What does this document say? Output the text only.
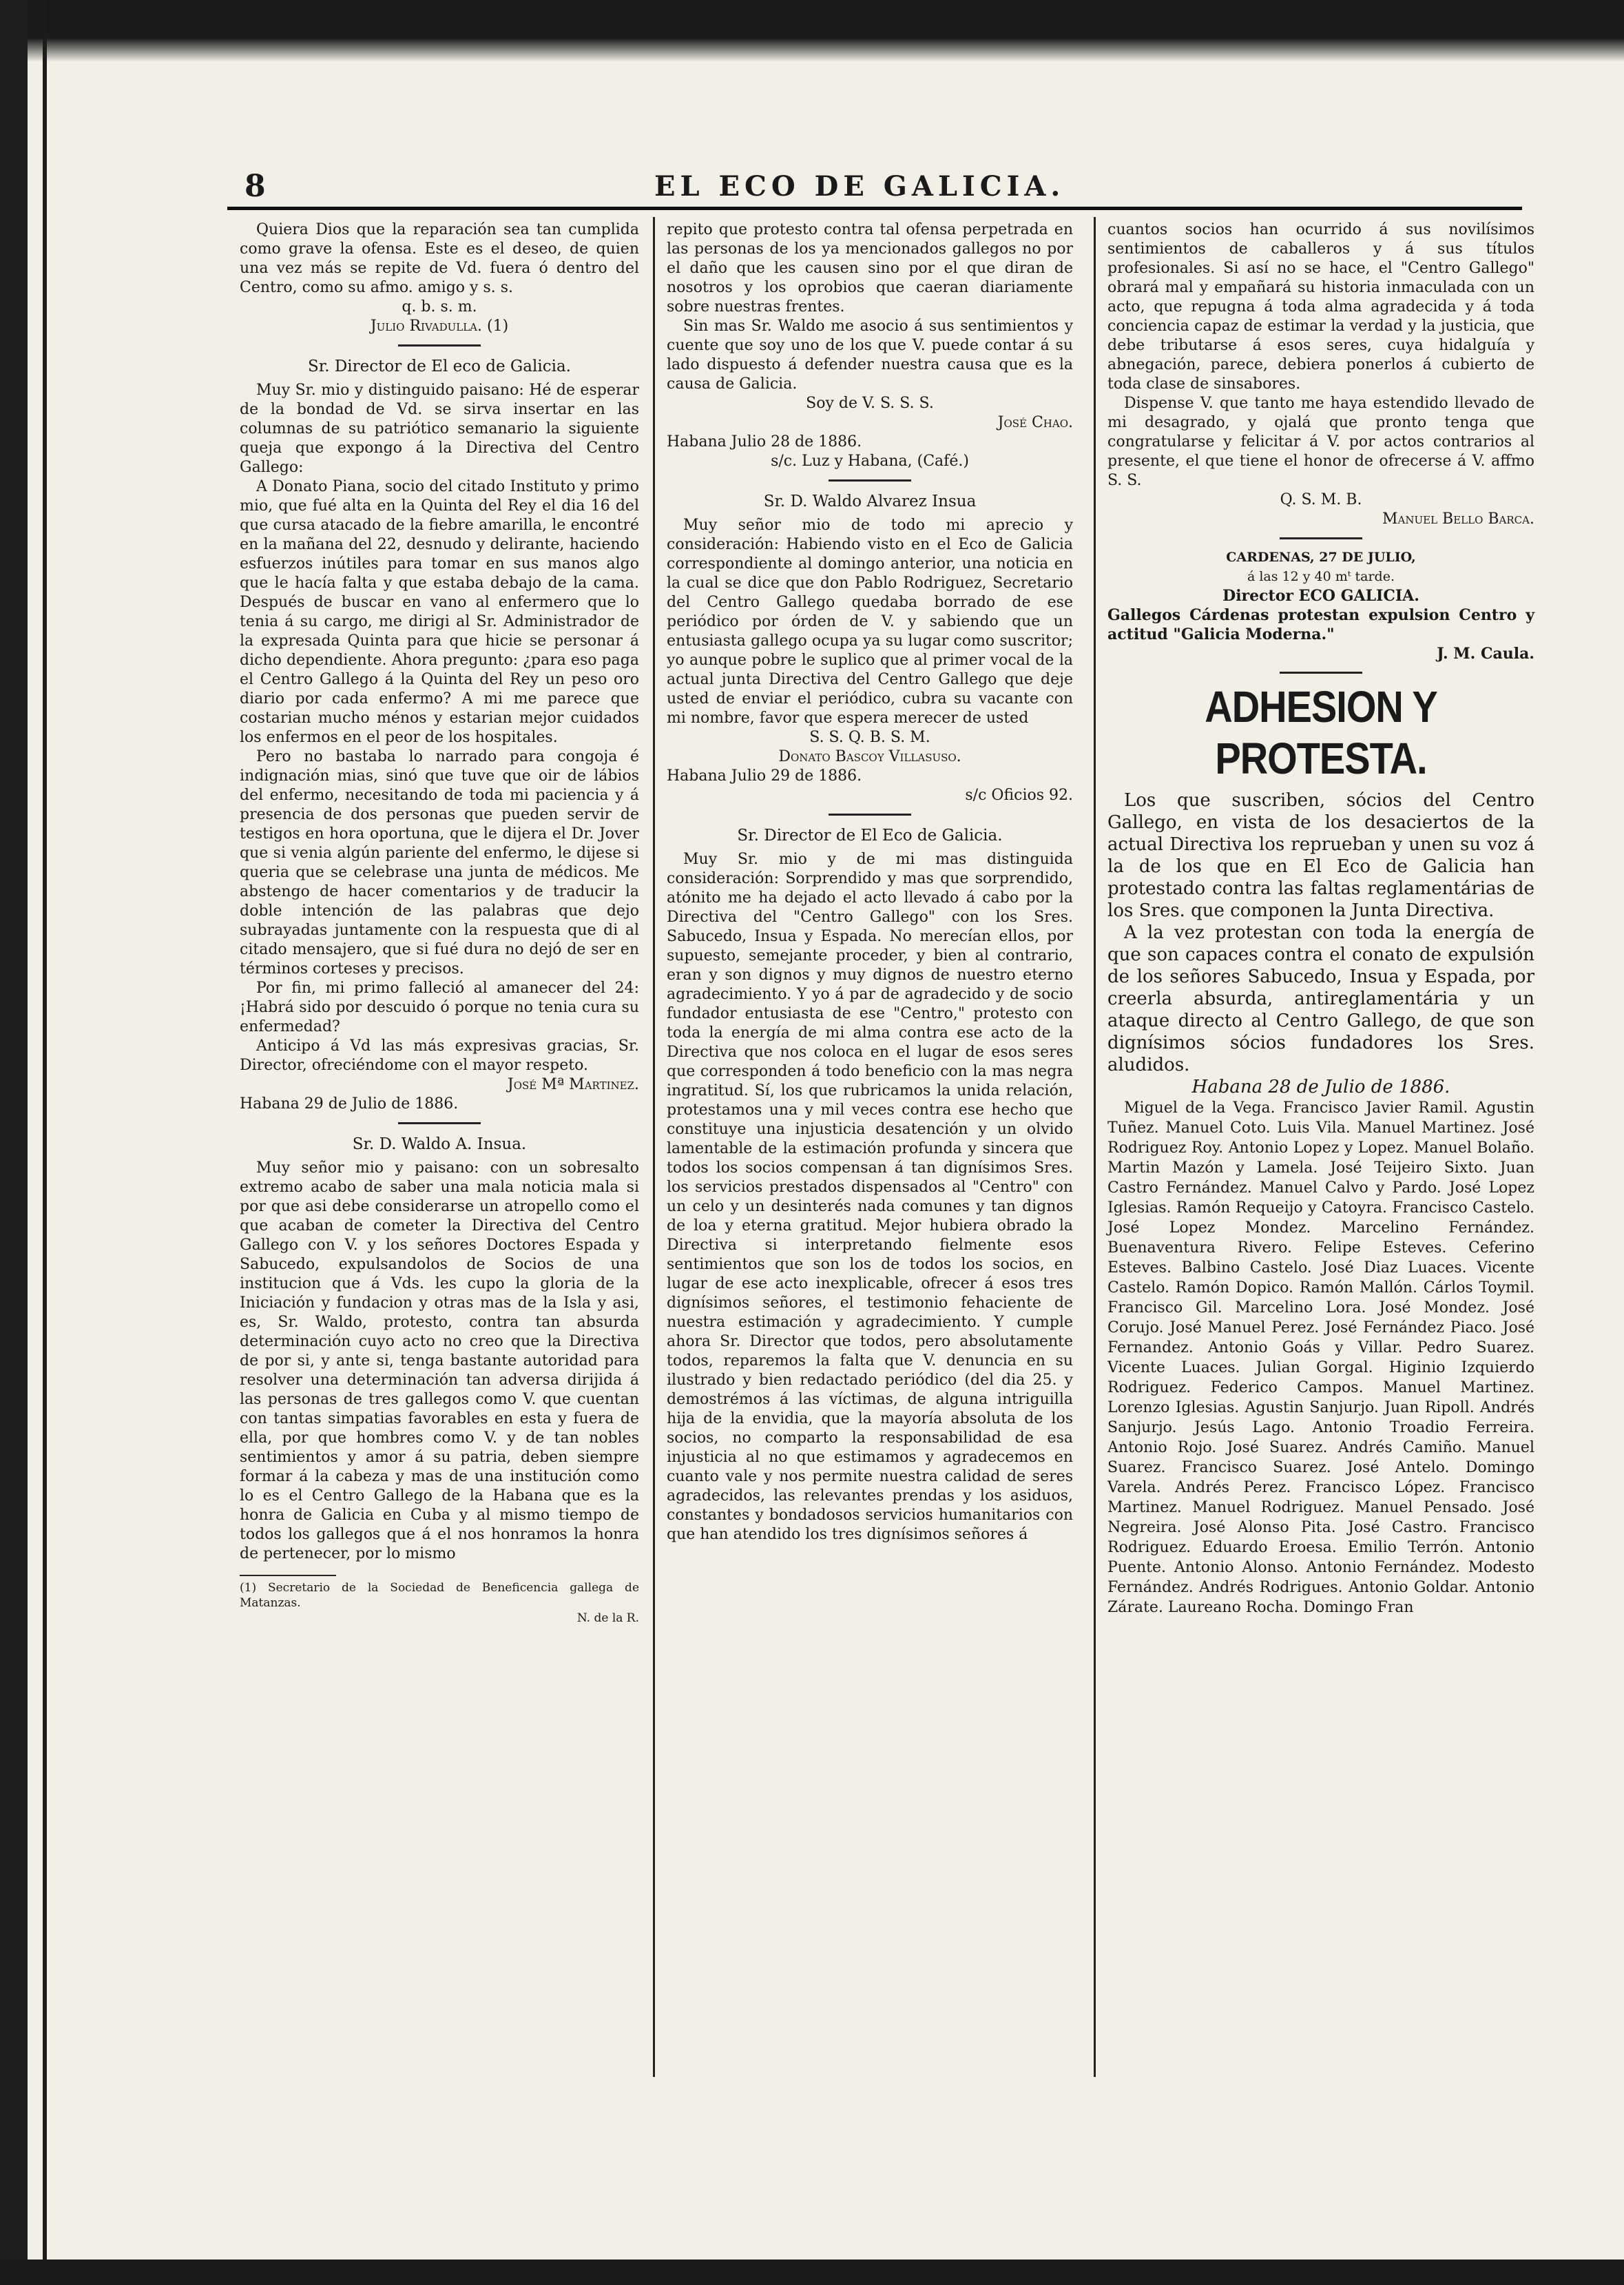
8	EL ECO DE GALICIA.

Quiera Dios que la reparación sea tan cumplida como grave la ofensa. Este es el deseo, de quien una vez más se repite de Vd. fuera ó dentro del Centro, como su afmo. amigo y s. s.

q. b. s. m.

Julio Rivadulla. (1)

Sr. Director de El eco de Galicia.

Muy Sr. mio y distinguido paisano: Hé de esperar de la bondad de Vd. se sirva insertar en las columnas de su patriótico semanario la siguiente queja que expongo á la Directiva del Centro Gallego:

A Donato Piana, socio del citado Instituto y primo mio, que fué alta en la Quinta del Rey el dia 16 del que cursa atacado de la fiebre amarilla, le encontré en la mañana del 22, desnudo y delirante, haciendo esfuerzos inútiles para tomar en sus manos algo que le hacía falta y que estaba debajo de la cama. Después de buscar en vano al enfermero que lo tenia á su cargo, me dirigi al Sr. Administrador de la expresada Quinta para que hicie se personar á dicho dependiente. Ahora pregunto: ¿para eso paga el Centro Gallego á la Quinta del Rey un peso oro diario por cada enfermo? A mi me parece que costarian mucho ménos y estarian mejor cuidados los enfermos en el peor de los hospitales.

Pero no bastaba lo narrado para congoja é indignación mias, sinó que tuve que oir de lábios del enfermo, necesitando de toda mi paciencia y á presencia de dos personas que pueden servir de testigos en hora oportuna, que le dijera el Dr. Jover que si venia algún pariente del enfermo, le dijese si queria que se celebrase una junta de médicos. Me abstengo de hacer comentarios y de traducir la doble intención de las palabras que dejo subrayadas juntamente con la respuesta que di al citado mensajero, que si fué dura no dejó de ser en términos corteses y precisos.

Por fin, mi primo falleció al amanecer del 24: ¡Habrá sido por descuido ó porque no tenia cura su enfermedad?

Anticipo á Vd las más expresivas gracias, Sr. Director, ofreciéndome con el mayor respeto.

José Mª Martinez.

Habana 29 de Julio de 1886.

Sr. D. Waldo A. Insua.

Muy señor mio y paisano: con un sobresalto extremo acabo de saber una mala noticia mala si por que asi debe considerarse un atropello como el que acaban de cometer la Directiva del Centro Gallego con V. y los señores Doctores Espada y Sabucedo, expulsandolos de Socios de una institucion que á Vds. les cupo la gloria de la Iniciación y fundacion y otras mas de la Isla y asi, es, Sr. Waldo, protesto, contra tan absurda determinación cuyo acto no creo que la Directiva de por si, y ante si, tenga bastante autoridad para resolver una determinación tan adversa dirijida á las personas de tres gallegos como V. que cuentan con tantas simpatias favorables en esta y fuera de ella, por que hombres como V. y de tan nobles sentimientos y amor á su patria, deben siempre formar á la cabeza y mas de una institución como lo es el Centro Gallego de la Habana que es la honra de Galicia en Cuba y al mismo tiempo de todos los gallegos que á el nos honramos la honra de pertenecer, por lo mismo

(1) Secretario de la Sociedad de Beneficencia gallega de Matanzas.

N. de la R.

repito que protesto contra tal ofensa perpetrada en las personas de los ya mencionados gallegos no por el daño que les causen sino por el que diran de nosotros y los oprobios que caeran diariamente sobre nuestras frentes.

Sin mas Sr. Waldo me asocio á sus sentimientos y cuente que soy uno de los que V. puede contar á su lado dispuesto á defender nuestra causa que es la causa de Galicia.

Soy de V. S. S. S.

José Chao.

Habana Julio 28 de 1886.

s/c. Luz y Habana, (Café.)

Sr. D. Waldo Alvarez Insua

Muy señor mio de todo mi aprecio y consideración: Habiendo visto en el Eco de Galicia correspondiente al domingo anterior, una noticia en la cual se dice que don Pablo Rodriguez, Secretario del Centro Gallego quedaba borrado de ese periódico por órden de V. y sabiendo que un entusiasta gallego ocupa ya su lugar como suscritor; yo aunque pobre le suplico que al primer vocal de la actual junta Directiva del Centro Gallego que deje usted de enviar el periódico, cubra su vacante con mi nombre, favor que espera merecer de usted

S. S. Q. B. S. M.

Donato Bascoy Villasuso.

Habana Julio 29 de 1886.

s/c Oficios 92.

Sr. Director de El Eco de Galicia.

Muy Sr. mio y de mi mas distinguida consideración: Sorprendido y mas que sorprendido, atónito me ha dejado el acto llevado á cabo por la Directiva del "Centro Gallego" con los Sres. Sabucedo, Insua y Espada. No merecían ellos, por supuesto, semejante proceder, y bien al contrario, eran y son dignos y muy dignos de nuestro eterno agradecimiento. Y yo á par de agradecido y de socio fundador entusiasta de ese "Centro," protesto con toda la energía de mi alma contra ese acto de la Directiva que nos coloca en el lugar de esos seres que corresponden á todo beneficio con la mas negra ingratitud. Sí, los que rubricamos la unida relación, protestamos una y mil veces contra ese hecho que constituye una injusticia desatención y un olvido lamentable de la estimación profunda y sincera que todos los socios compensan á tan dignísimos Sres. los servicios prestados dispensados al "Centro" con un celo y un desinterés nada comunes y tan dignos de loa y eterna gratitud. Mejor hubiera obrado la Directiva si interpretando fielmente esos sentimientos que son los de todos los socios, en lugar de ese acto inexplicable, ofrecer á esos tres dignísimos señores, el testimonio fehaciente de nuestra estimación y agradecimiento. Y cumple ahora Sr. Director que todos, pero absolutamente todos, reparemos la falta que V. denuncia en su ilustrado y bien redactado periódico (del dia 25. y demostrémos á las víctimas, de alguna intriguilla hija de la envidia, que la mayoría absoluta de los socios, no comparto la responsabilidad de esa injusticia al no que estimamos y agradecemos en cuanto vale y nos permite nuestra calidad de seres agradecidos, las relevantes prendas y los asiduos, constantes y bondadosos servicios humanitarios con que han atendido los tres dignísimos señores á

cuantos socios han ocurrido á sus novilísimos sentimientos de caballeros y á sus títulos profesionales. Si así no se hace, el "Centro Gallego" obrará mal y empañará su historia inmaculada con un acto, que repugna á toda alma agradecida y á toda conciencia capaz de estimar la verdad y la justicia, que debe tributarse á esos seres, cuya hidalguía y abnegación, parece, debiera ponerlos á cubierto de toda clase de sinsabores.

Dispense V. que tanto me haya estendido llevado de mi desagrado, y ojalá que pronto tenga que congratularse y felicitar á V. por actos contrarios al presente, el que tiene el honor de ofrecerse á V. affmo S. S.

Q. S. M. B.

Manuel Bello Barca.

CARDENAS, 27 DE JULIO,

á las 12 y 40 mᵗ tarde.

Director ECO GALICIA.

Gallegos Cárdenas protestan expulsion Centro y actitud "Galicia Moderna."

J. M. Caula.

ADHESION Y PROTESTA.

Los que suscriben, sócios del Centro Gallego, en vista de los desaciertos de la actual Directiva los reprueban y unen su voz á la de los que en El Eco de Galicia han protestado contra las faltas reglamentárias de los Sres. que componen la Junta Directiva.

A la vez protestan con toda la energía de que son capaces contra el conato de expulsión de los señores Sabucedo, Insua y Espada, por creerla absurda, antireglamentária y un ataque directo al Centro Gallego, de que son dignísimos sócios fundadores los Sres. aludidos.

Habana 28 de Julio de 1886.

Miguel de la Vega. Francisco Javier Ramil. Agustin Tuñez. Manuel Coto. Luis Vila. Manuel Martinez. José Rodriguez Roy. Antonio Lopez y Lopez. Manuel Bolaño. Martin Mazón y Lamela. José Teijeiro Sixto. Juan Castro Fernández. Manuel Calvo y Pardo. José Lopez Iglesias. Ramón Requeijo y Catoyra. Francisco Castelo. José Lopez Mondez. Marcelino Fernández. Buenaventura Rivero. Felipe Esteves. Ceferino Esteves. Balbino Castelo. José Diaz Luaces. Vicente Castelo. Ramón Dopico. Ramón Mallón. Cárlos Toymil. Francisco Gil. Marcelino Lora. José Mondez. José Corujo. José Manuel Perez. José Fernández Piaco. José Fernandez. Antonio Goás y Villar. Pedro Suarez. Vicente Luaces. Julian Gorgal. Higinio Izquierdo Rodriguez. Federico Campos. Manuel Martinez. Lorenzo Iglesias. Agustin Sanjurjo. Juan Ripoll. Andrés Sanjurjo. Jesús Lago. Antonio Troadio Ferreira. Antonio Rojo. José Suarez. Andrés Camiño. Manuel Suarez. Francisco Suarez. José Antelo. Domingo Varela. Andrés Perez. Francisco López. Francisco Martinez. Manuel Rodriguez. Manuel Pensado. José Negreira. José Alonso Pita. José Castro. Francisco Rodriguez. Eduardo Eroesa. Emilio Terrón. Antonio Puente. Antonio Alonso. Antonio Fernández. Modesto Fernández. Andrés Rodrigues. Antonio Goldar. Antonio Zárate. Laureano Rocha. Domingo Fran
